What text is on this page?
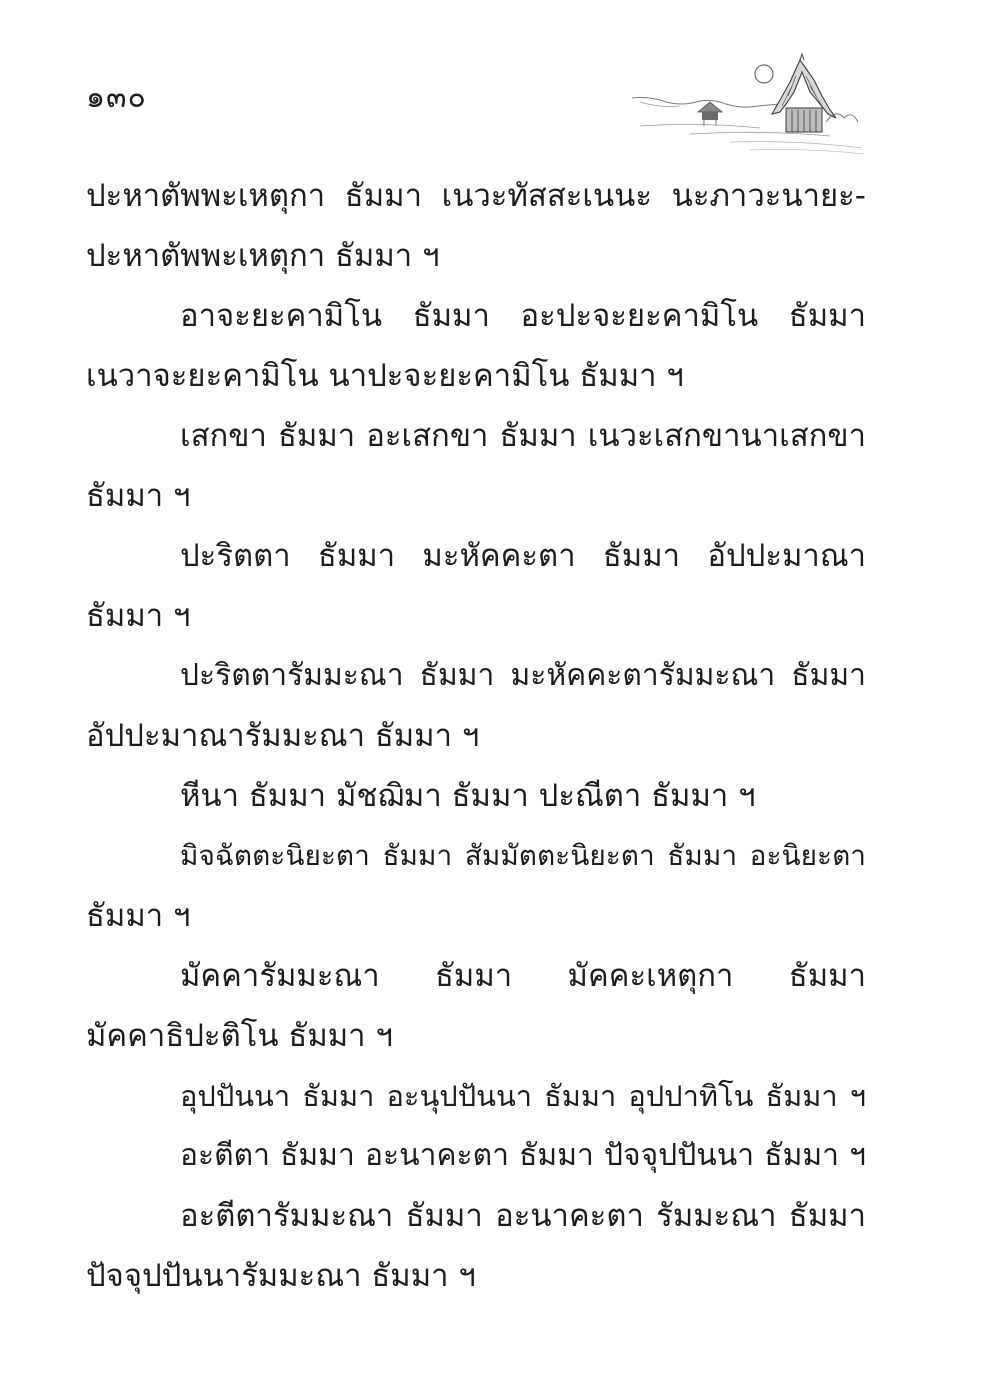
๑๓๐
ปะหาตัพพะเหตุกา ธัมมา เนวะทัสสะเนนะ นะภาวะนายะ-
ปะหาตัพพะเหตุกา ธัมมา ฯ
อาจะยะคามิโน ธัมมา อะปะจะยะคามิโน ธัมมา
เนวาจะยะคามิโน นาปะจะยะคามิโน ธัมมา ฯ
เสกขา ธัมมา อะเสกขา ธัมมา เนวะเสกขานาเสกขา
ธัมมา ฯ
ปะริตตา ธัมมา มะหัคคะตา ธัมมา อัปปะมาณา
ธัมมา ฯ
ปะริตตารัมมะณา ธัมมา มะหัคคะตารัมมะณา ธัมมา
อัปปะมาณารัมมะณา ธัมมา ฯ
หีนา ธัมมา มัชฌิมา ธัมมา ปะณีตา ธัมมา ฯ
มิจฉัตตะนิยะตา ธัมมา สัมมัตตะนิยะตา ธัมมา อะนิยะตา
ธัมมา ฯ
มัคคารัมมะณา ธัมมา มัคคะเหตุกา ธัมมา
มัคคาธิปะติโน ธัมมา ฯ
อุปปันนา ธัมมา อะนุปปันนา ธัมมา อุปปาทิโน ธัมมา ฯ
อะตีตา ธัมมา อะนาคะตา ธัมมา ปัจจุปปันนา ธัมมา ฯ
อะตีตารัมมะณา ธัมมา อะนาคะตา รัมมะณา ธัมมา
ปัจจุปปันนารัมมะณา ธัมมา ฯ
